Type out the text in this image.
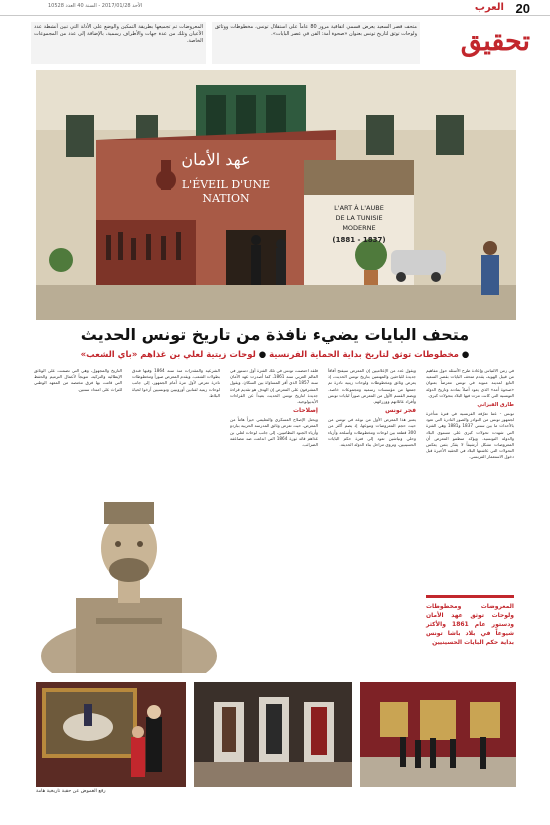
20
العرب
الأحد 2017/01/28 - السنة 40 العدد 10528
تحقيق
متحف قصر السعيد يعرض قسمي اتفاقية مرور 80 عاماً على استقلال تونس، مخطوطات ووثائق ولوحات توثق لتاريخ تونس بعنوان «صحوة أمة: الفن في عصر البايات».
المعروضات تم تجميعها بطريقة التمكين والوضع على الأدلة التي تبين أنشطة عدد الأعيان وتلك من عدة جهات والأطراف رسمية، بالإضافة إلى عدد من المجموعات الخاصة.
عهد الأمان
L'ÉVEIL D'UNE
NATION
L'ART À L'AUBE
DE LA TUNISIE
MODERNE
(1837 - 1881)
متحف البايات يضيء نافذة من تاريخ تونس الحديث
● مخطوطات توثق لتاريخ بداية الحماية الفرنسية ● لوحات زيتية لعلي بن غذاهم «باي الشعب»

في زمن الالتباس وإعادة طرح الأسئلة حول مفاهيم من قبيل الهوية، يقدم متحف البايات بقصر السعيد التابع لمدينة منوبة في تونس معرضاً بعنوان «صحوة أمة» الذي يعود أصلاً بمادته وتاريخ الدولة التونسية التي كانت مرت فيها البلاد بتحولات كبرى.

طارق القيزاني

تونس - عما تعرّفه الفرنسية في فترة متأخرة لجمهور تونس من النوادر والصور النادرة التي تعود بالأحداث ما بين سنتي 1837 و1881 وهي الفترة التي شهدت تحولات كبرى على مستوى البلاد والدولة التونسية. ويؤكد منظمو المعرض أن المعروضات تشكل أرشيفاً لا يقدّر بثمن يعكس التحولات التي عاشتها البلاد في الحقبة الأخيرة قبل دخول الاستعمار الفرنسي.

ويقول عدد من الإعلاميين إن المعرض سيفتح آفاقاً جديدة للباحثين والمهتمين بتاريخ تونس الحديث، إذ يعرض وثائق ومخطوطات ولوحات زيتية نادرة تم جمعها من مؤسسات رسمية ومجموعات خاصة. ويضم القسم الأول من المعرض صوراً لبايات تونس وأفراد عائلاتهم ووزرائهم.

فجر تونس

يعتبر هذا المعرض الأول من نوعه في تونس من حيث حجم المعروضات وتنوعها، إذ يضم أكثر من 300 قطعة بين لوحات ومخطوطات وأسلحة وأزياء وحلي ونياشين تعود إلى فترة حكم البايات الحسينيين، وتروي مراحل بناء الدولة الحديثة.

فلقد احتضنت تونس في تلك الفترة أول دستور في العالم العربي سنة 1861، كما أصدرت عهد الأمان سنة 1857 الذي أقر المساواة بين السكان. ويقول المشرفون على المعرض إن الهدف هو تقديم قراءة جديدة لتاريخ تونس الحديث بعيداً عن القراءات الأيديولوجية.

إصلاحات

ويحتل الإصلاح العسكري والتعليمي حيزاً هاماً من المعرض، حيث تعرض وثائق المدرسة الحربية بباردو وأزياء الجنود النظاميين، إلى جانب لوحات لعلي بن غذاهم قائد ثورة 1864 التي اندلعت ضد مضاعفة الضرائب.

الشرعية والمقدرات منذ سنة 1864 وفيها فندق بطولات الشعب. ويقدم المعرض صوراً ومخطوطات نادرة تعرض لأول مرة أمام الجمهور، إلى جانب لوحات زيتية لفنانين أوروبيين وتونسيين أرخوا لحياة البلاط.

التاريخ والمجهول، وهي التي تضمنت على الوثائق الإيطالية والتركية، تتويجاً لأعمال الترميم والحفظ التي قامت بها فرق مختصة من المعهد الوطني للتراث على امتداد سنتين.

المعروضات ومخطوطات ولوحات توثق عهد الأمان ودستور عام 1861 والأكثر شيوعاً في بلاد باشا تونس بداية حكم البايات الحسينيين
رفع الغموض عن حقبة تاريخية هامة
